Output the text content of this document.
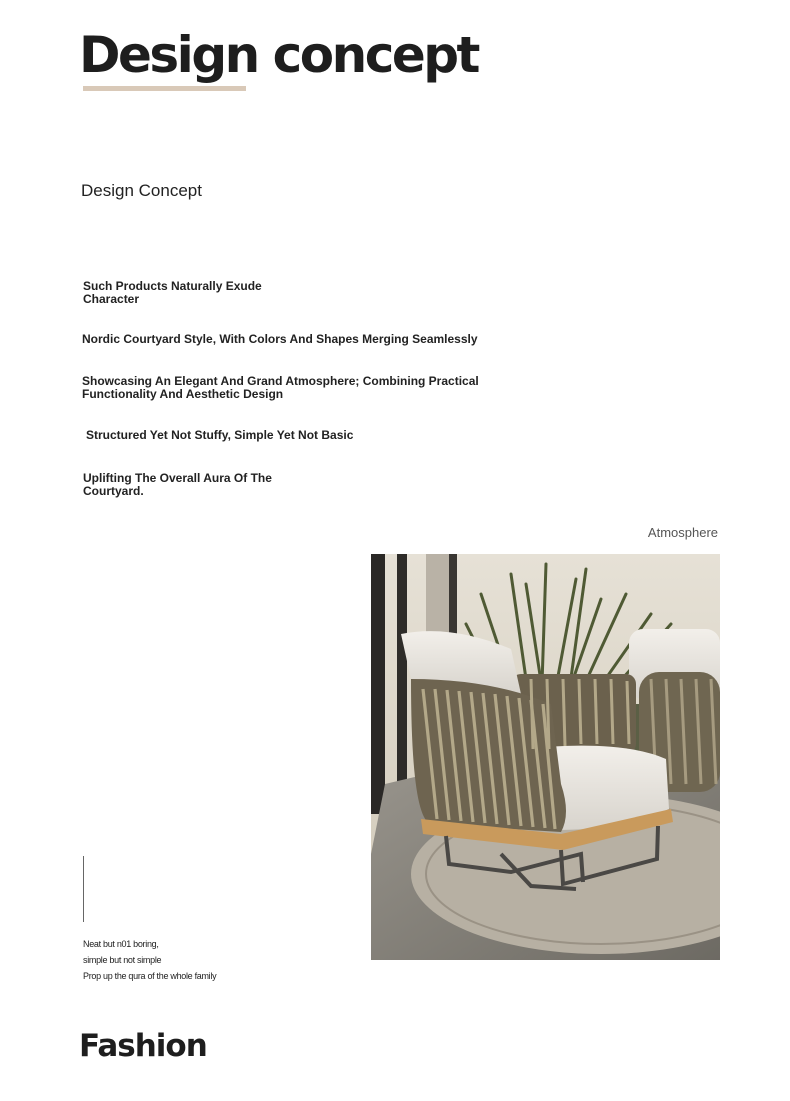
Design concept
Design Concept
Such Products Naturally Exude Character
Nordic Courtyard Style, With Colors And Shapes Merging Seamlessly
Showcasing An Elegant And Grand Atmosphere; Combining Practical Functionality And Aesthetic Design
Structured Yet Not Stuffy, Simple Yet Not Basic
Uplifting The Overall Aura Of The Courtyard.
Atmosphere
Neat but n01 boring,
simple but not simple
Prop up the qura of the whole family
Fashion
